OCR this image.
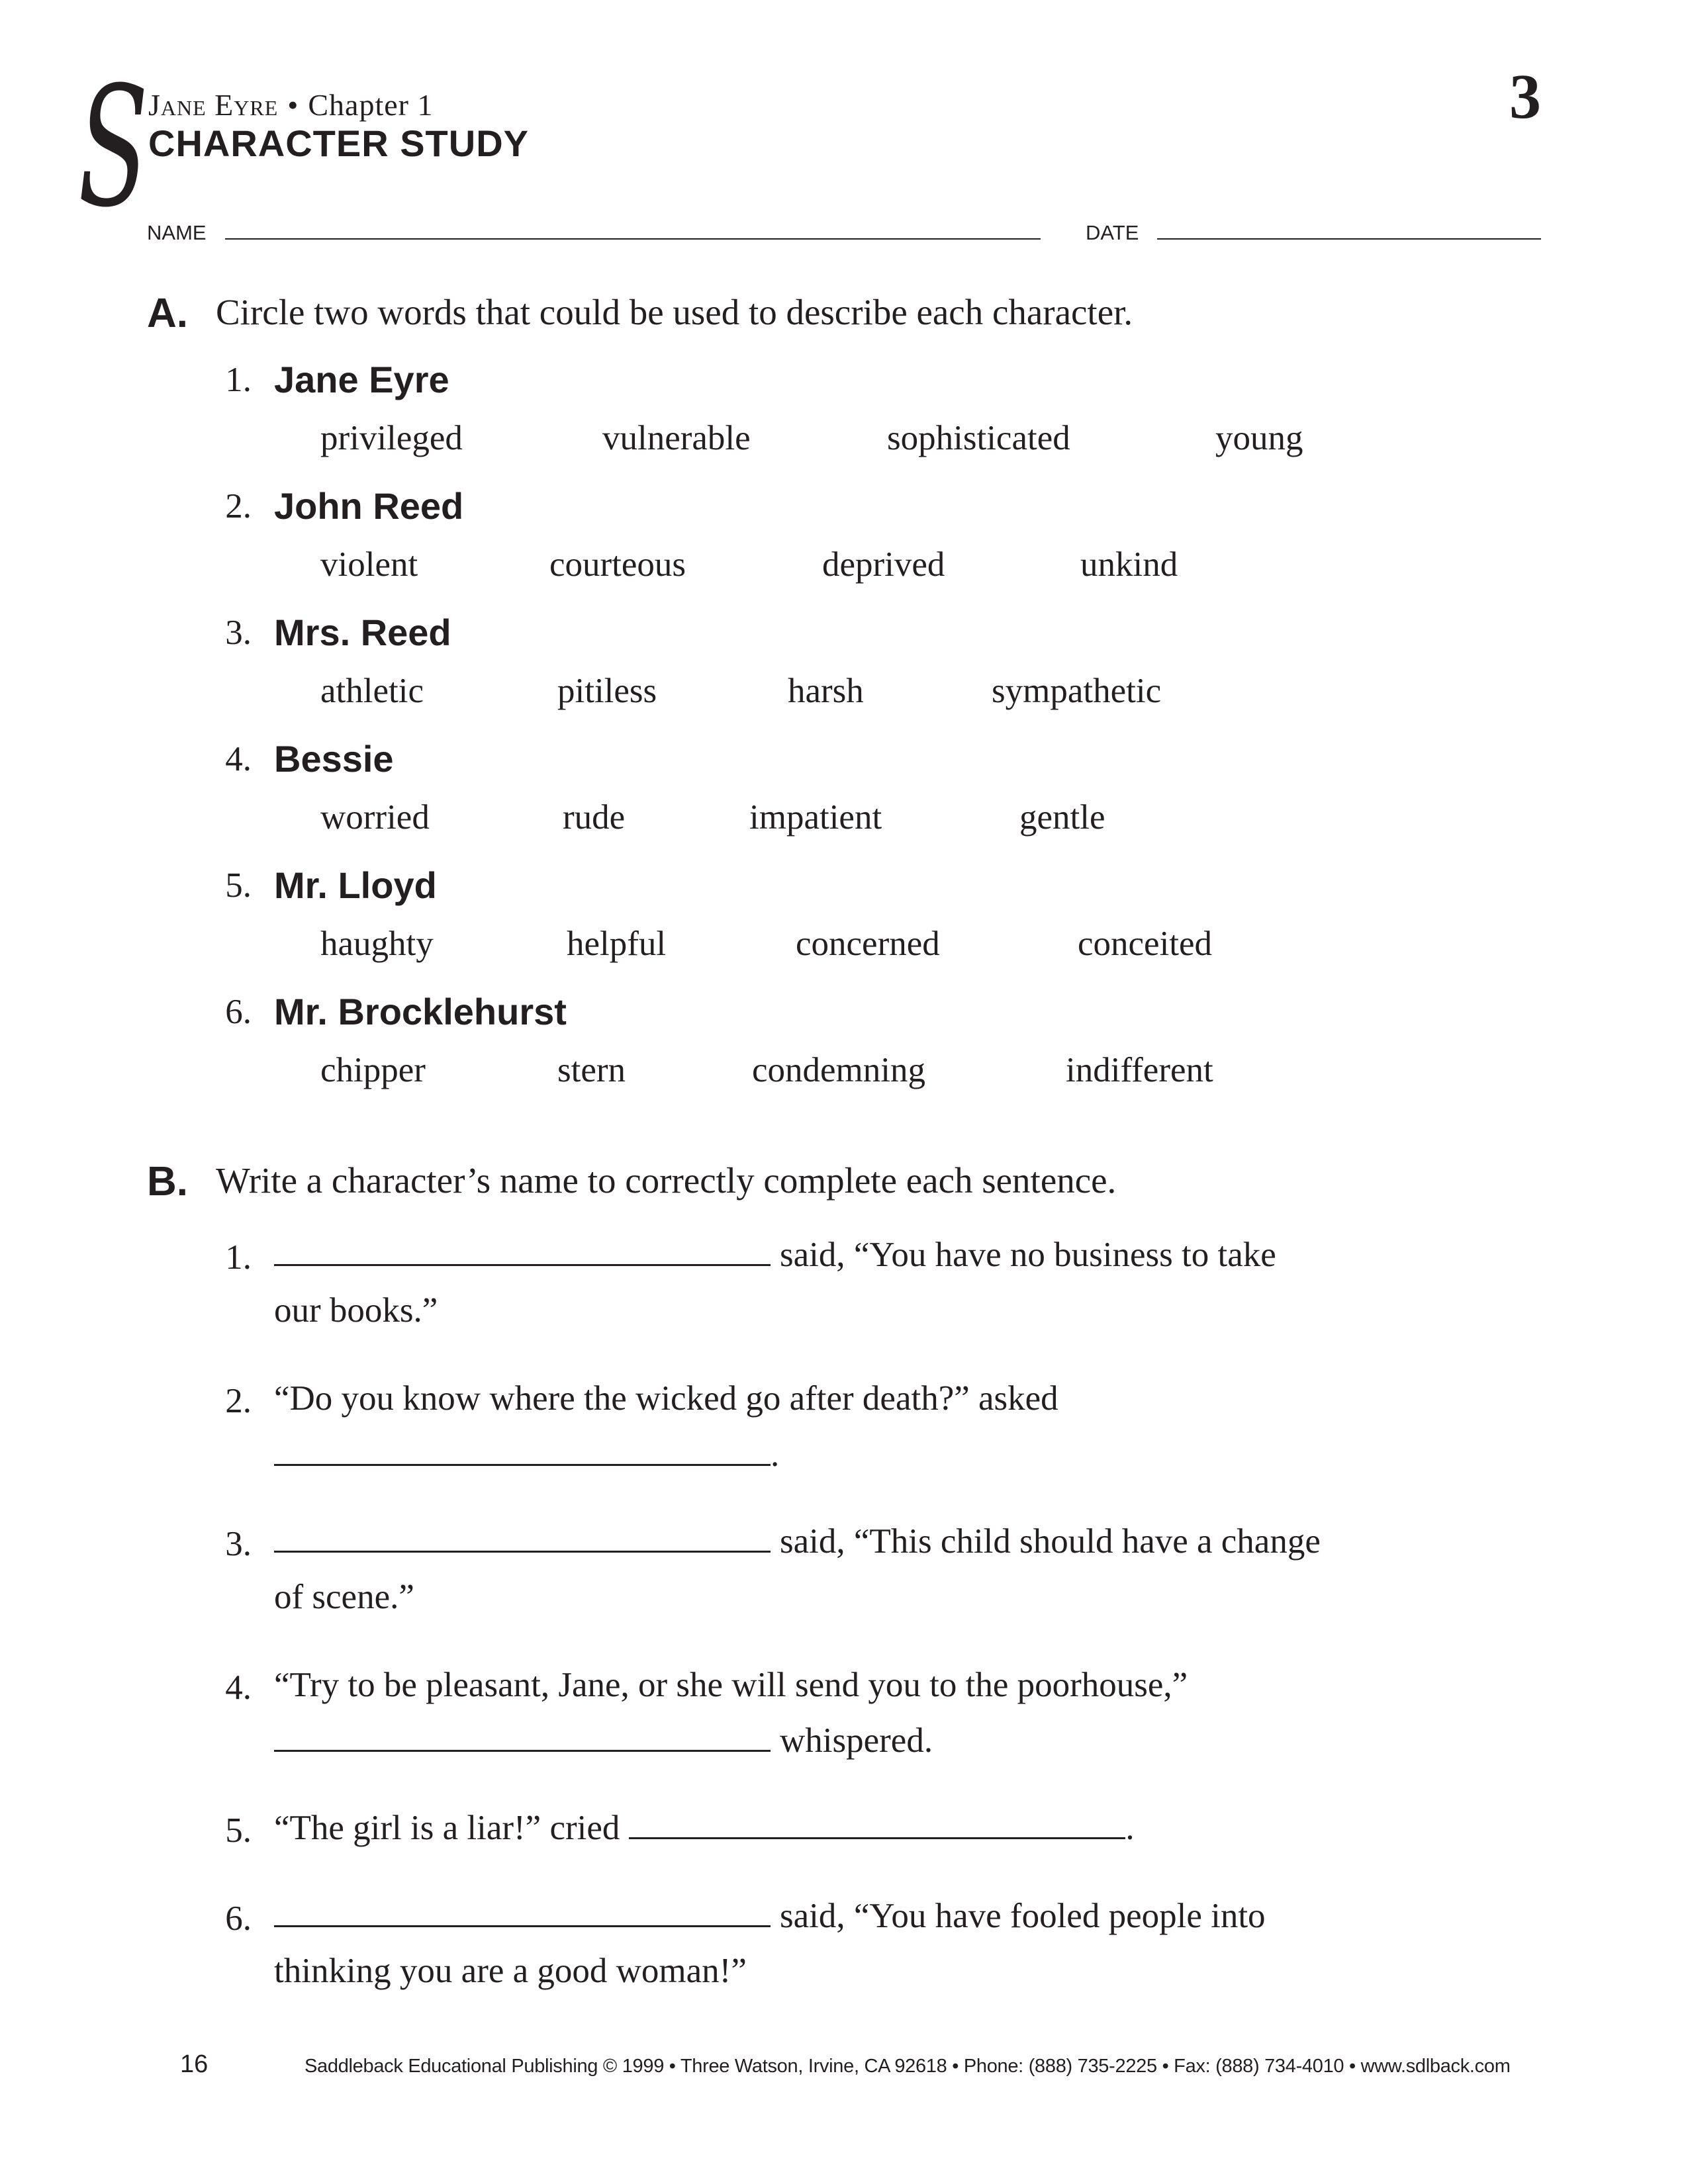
S Jane Eyre • Chapter 1
CHARACTER STUDY
3
NAME	DATE
A. Circle two words that could be used to describe each character.
1. Jane Eyre
privileged	vulnerable	sophisticated	young
2. John Reed
violent	courteous	deprived	unkind
3. Mrs. Reed
athletic	pitiless	harsh	sympathetic
4. Bessie
worried	rude	impatient	gentle
5. Mr. Lloyd
haughty	helpful	concerned	conceited
6. Mr. Brocklehurst
chipper	stern	condemning	indifferent
B. Write a character’s name to correctly complete each sentence.
1.	said, “You have no business to take
our books.”
2. “Do you know where the wicked go after death?” asked
.
3.	said, “This child should have a change
of scene.”
4. “Try to be pleasant, Jane, or she will send you to the poorhouse,”
whispered.
5. “The girl is a liar!” cried	.
6.	said, “You have fooled people into
thinking you are a good woman!”
16	Saddleback Educational Publishing © 1999 • Three Watson, Irvine, CA 92618 • Phone: (888) 735-2225 • Fax: (888) 734-4010 • www.sdlback.com
